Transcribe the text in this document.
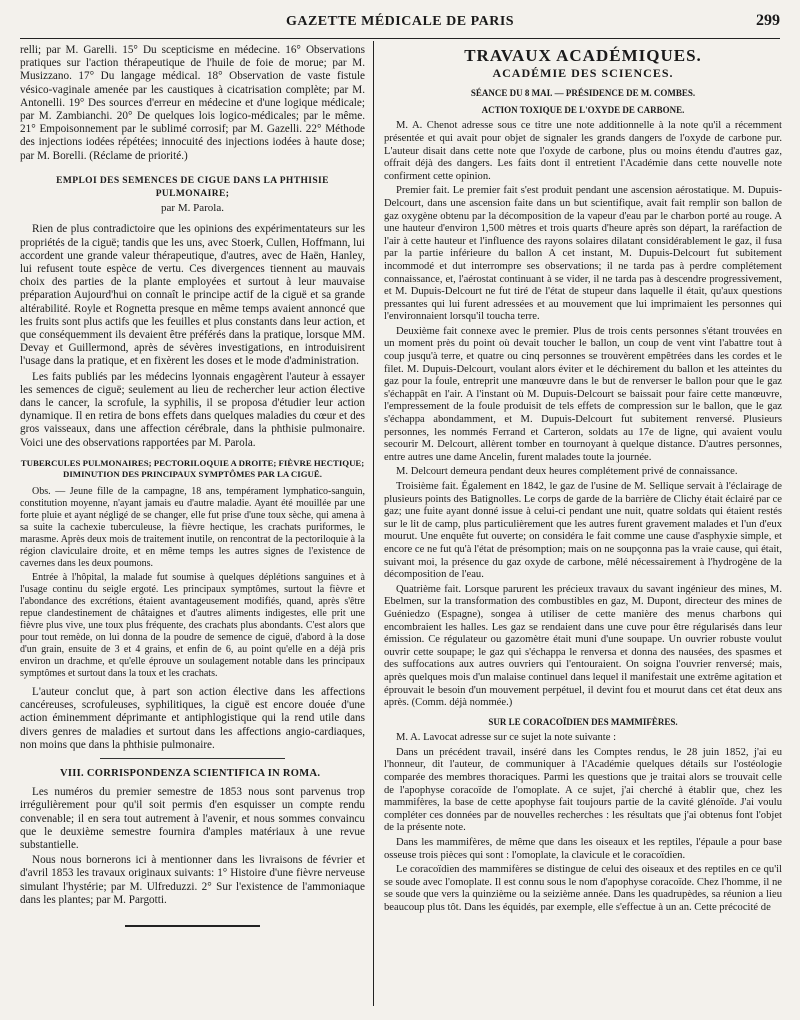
GAZETTE MÉDICALE DE PARIS	299

relli; par M. Garelli. 15° Du scepticisme en médecine. 16° Observations pratiques sur l'action thérapeutique de l'huile de foie de morue; par M. Musizzano. 17° Du langage médical. 18° Observation de vaste fistule vésico-vaginale amenée par les caustiques à cicatrisation complète; par M. Antonelli. 19° Des sources d'erreur en médecine et d'une logique médicale; par M. Zambianchi. 20° De quelques lois logico-médicales; par le même. 21° Empoisonnement par le sublimé corrosif; par M. Gazelli. 22° Méthode des injections iodées répétées; innocuité des injections iodées à haute dose; par M. Borelli. (Réclame de priorité.)

EMPLOI DES SEMENCES DE CIGUE DANS LA PHTHISIE PULMONAIRE;
par M. Parola.

Rien de plus contradictoire que les opinions des expérimentateurs sur les propriétés de la ciguë; tandis que les uns, avec Stoerk, Cullen, Hoffmann, lui accordent une grande valeur thérapeutique, d'autres, avec de Haën, Hanley, lui refusent toute espèce de vertu. Ces divergences tiennent au mauvais choix des parties de la plante employées et surtout à leur mauvaise préparation Aujourd'hui on connaît le principe actif de la ciguë et sa grande altérabilité. Royle et Rognetta presque en même temps avaient annoncé que les fruits sont plus actifs que les feuilles et plus constants dans leur action, et que conséquemment ils devaient être préférés dans la pratique, lorsque MM. Devay et Guillermond, après de sévères investigations, en introduisirent l'usage dans la pratique, et en fixèrent les doses et le mode d'administration.

Les faits publiés par les médecins lyonnais engagèrent l'auteur à essayer les semences de ciguë; seulement au lieu de rechercher leur action élective dans le cancer, la scrofule, la syphilis, il se proposa d'étudier leur action dynamique. Il en retira de bons effets dans quelques maladies du cœur et des gros vaisseaux, dans une affection cérébrale, dans la phthisie pulmonaire. Voici une des observations rapportées par M. Parola.

TUBERCULES PULMONAIRES; PECTORILOQUIE A DROITE; FIÈVRE HECTIQUE; DIMINUTION DES PRINCIPAUX SYMPTÔMES PAR LA CIGUË.

Obs. — Jeune fille de la campagne, 18 ans, tempérament lymphatico-sanguin, constitution moyenne, n'ayant jamais eu d'autre maladie. Ayant été mouillée par une forte pluie et ayant négligé de se changer, elle fut prise d'une toux sèche, qui amena à sa suite la cachexie tuberculeuse, la fièvre hectique, les crachats puriformes, le marasme. Après deux mois de traitement inutile, on rencontrat de la pectoriloquie à la région claviculaire droite, et en même temps les autres signes de l'existence de cavernes dans les deux poumons.

Entrée à l'hôpital, la malade fut soumise à quelques déplétions sanguines et à l'usage continu du seigle ergoté. Les principaux symptômes, surtout la fièvre et l'abondance des excrétions, étaient avantageusement modifiés, quand, après s'être repue clandestinement de châtaignes et d'autres aliments indigestes, elle prit une fièvre plus vive, une toux plus fréquente, des crachats plus abondants. C'est alors que pour tout remède, on lui donna de la poudre de semence de ciguë, d'abord à la dose d'un grain, ensuite de 3 et 4 grains, et enfin de 6, au point qu'elle en a déjà pris environ un drachme, et qu'elle éprouve un soulagement notable dans les principaux symptômes et surtout dans la toux et les crachats.

L'auteur conclut que, à part son action élective dans les affections cancéreuses, scrofuleuses, syphilitiques, la ciguë est encore douée d'une action éminemment déprimante et antiphlogistique qui la rend utile dans divers genres de maladies et surtout dans les affections angio-cardiaques, non moins que dans la phthisie pulmonaire.

VIII. CORRISPONDENZA SCIENTIFICA IN ROMA.

Les numéros du premier semestre de 1853 nous sont parvenus trop irrégulièrement pour qu'il soit permis d'en esquisser un compte rendu convenable; il en sera tout autrement à l'avenir, et nous sommes convaincu que le deuxième semestre fournira d'amples matériaux à une revue substantielle.

Nous nous bornerons ici à mentionner dans les livraisons de février et d'avril 1853 les travaux originaux suivants: 1° Histoire d'une fièvre nerveuse simulant l'hystérie; par M. Ulfreduzzi. 2° Sur l'existence de l'ammoniaque dans les plantes; par M. Pargotti.

TRAVAUX ACADÉMIQUES.
ACADÉMIE DES SCIENCES.
SÉANCE DU 8 MAI. — PRÉSIDENCE DE M. COMBES.
ACTION TOXIQUE DE L'OXYDE DE CARBONE.

M. A. Chenot adresse sous ce titre une note additionnelle à la note qu'il a récemment présentée et qui avait pour objet de signaler les grands dangers de l'oxyde de carbone pur. L'auteur disait dans cette note que l'oxyde de carbone, plus ou moins étendu d'autres gaz, offrait déjà des dangers. Les faits dont il entretient l'Académie dans cette nouvelle note confirment cette opinion.

Premier fait. Le premier fait s'est produit pendant une ascension aérostatique. M. Dupuis-Delcourt, dans une ascension faite dans un but scientifique, avait fait remplir son ballon de gaz oxygène obtenu par la décomposition de la vapeur d'eau par le charbon porté au rouge. A une hauteur d'environ 1,500 mètres et trois quarts d'heure après son départ, la raréfaction de l'air à cette hauteur et l'influence des rayons solaires dilatant considérablement le gaz, il fusa par la partie inférieure du ballon A cet instant, M. Dupuis-Delcourt fut subitement incommodé et dut interrompre ses observations; il ne tarda pas à perdre complétement connaissance, et, l'aérostat continuant à se vider, il ne tarda pas à descendre progressivement, et M. Dupuis-Delcourt ne fut tiré de l'état de stupeur dans laquelle il était, qu'aux questions pressantes qui lui furent adressées et au mouvement que lui imprimaient les personnes qui l'environnaient lorsqu'il toucha terre.

Deuxième fait connexe avec le premier. Plus de trois cents personnes s'étant trouvées en un moment près du point où devait toucher le ballon, un coup de vent vint l'abattre tout à coup jusqu'à terre, et quatre ou cinq personnes se trouvèrent empêtrées dans les cordes et le filet. M. Dupuis-Delcourt, voulant alors éviter et le déchirement du ballon et les atteintes du gaz pour la foule, entreprit une manœuvre dans le but de renverser le ballon pour que le gaz s'échappât en l'air. A l'instant où M. Dupuis-Delcourt se baissait pour faire cette manœuvre, l'empressement de la foule produisit de tels effets de compression sur le ballon, que le gaz s'échappa abondamment, et M. Dupuis-Delcourt fut subitement renversé. Plusieurs personnes, les nommés Ferrand et Carteron, soldats au 17e de ligne, qui avaient voulu secourir M. Delcourt, allèrent tomber en tournoyant à quelque distance. D'autres personnes, entre autres une dame Ancelin, furent malades toute la journée.

M. Delcourt demeura pendant deux heures complétement privé de connaissance.

Troisième fait. Également en 1842, le gaz de l'usine de M. Sellique servait à l'éclairage de plusieurs points des Batignolles. Le corps de garde de la barrière de Clichy était éclairé par ce gaz; une fuite ayant donné issue à celui-ci pendant une nuit, quatre soldats qui étaient restés sur le lit de camp, plus particulièrement que les autres furent gravement malades et l'un d'eux mourut. Une enquête fut ouverte; on considéra le fait comme une cause d'asphyxie simple, et encore ce ne fut qu'à l'état de présomption; mais on ne soupçonna pas la vraie cause, qui était, suivant moi, la présence du gaz oxyde de carbone, mêlé nécessairement à l'hydrogène de la décomposition de l'eau.

Quatrième fait. Lorsque parurent les précieux travaux du savant ingénieur des mines, M. Ebelmen, sur la transformation des combustibles en gaz, M. Dupont, directeur des mines de Guéniedzo (Espagne), songea à utiliser de cette manière des menus charbons qui encombraient les halles. Les gaz se rendaient dans une cuve pour être régularisés dans leur émission. Ce régulateur ou gazomètre était muni d'une soupape. Un ouvrier robuste voulut ouvrir cette soupape; le gaz qui s'échappa le renversa et donna des nausées, des spasmes et des suffocations aux autres ouvriers qui l'entouraient. On soigna l'ouvrier renversé; mais, après quelques mois d'un malaise continuel dans lequel il manifestait une extrême agitation et éprouvait le besoin d'un mouvement perpétuel, il devint fou et mourut dans cet état deux ans après. (Comm. déjà nommée.)

SUR LE CORACOÏDIEN DES MAMMIFÈRES.

M. A. Lavocat adresse sur ce sujet la note suivante :

Dans un précédent travail, inséré dans les Comptes rendus, le 28 juin 1852, j'ai eu l'honneur, dit l'auteur, de communiquer à l'Académie quelques détails sur l'ostéologie comparée des membres thoraciques. Parmi les questions que je traitai alors se trouvait celle de l'apophyse coracoïde de l'omoplate. A ce sujet, j'ai cherché à établir que, chez les mammifères, la base de cette apophyse fait toujours partie de la cavité glénoïde. J'ai voulu compléter ces données par de nouvelles recherches : les résultats que j'ai obtenus font l'objet de la présente note.

Dans les mammifères, de même que dans les oiseaux et les reptiles, l'épaule a pour base osseuse trois pièces qui sont : l'omoplate, la clavicule et le coracoïdien.

Le coracoïdien des mammifères se distingue de celui des oiseaux et des reptiles en ce qu'il se soude avec l'omoplate. Il est connu sous le nom d'apophyse coracoïde. Chez l'homme, il ne se soude que vers la quinzième ou la seizième année. Dans les quadrupèdes, sa réunion a lieu beaucoup plus tôt. Dans les équidés, par exemple, elle s'effectue à un an. Cette précocité de
